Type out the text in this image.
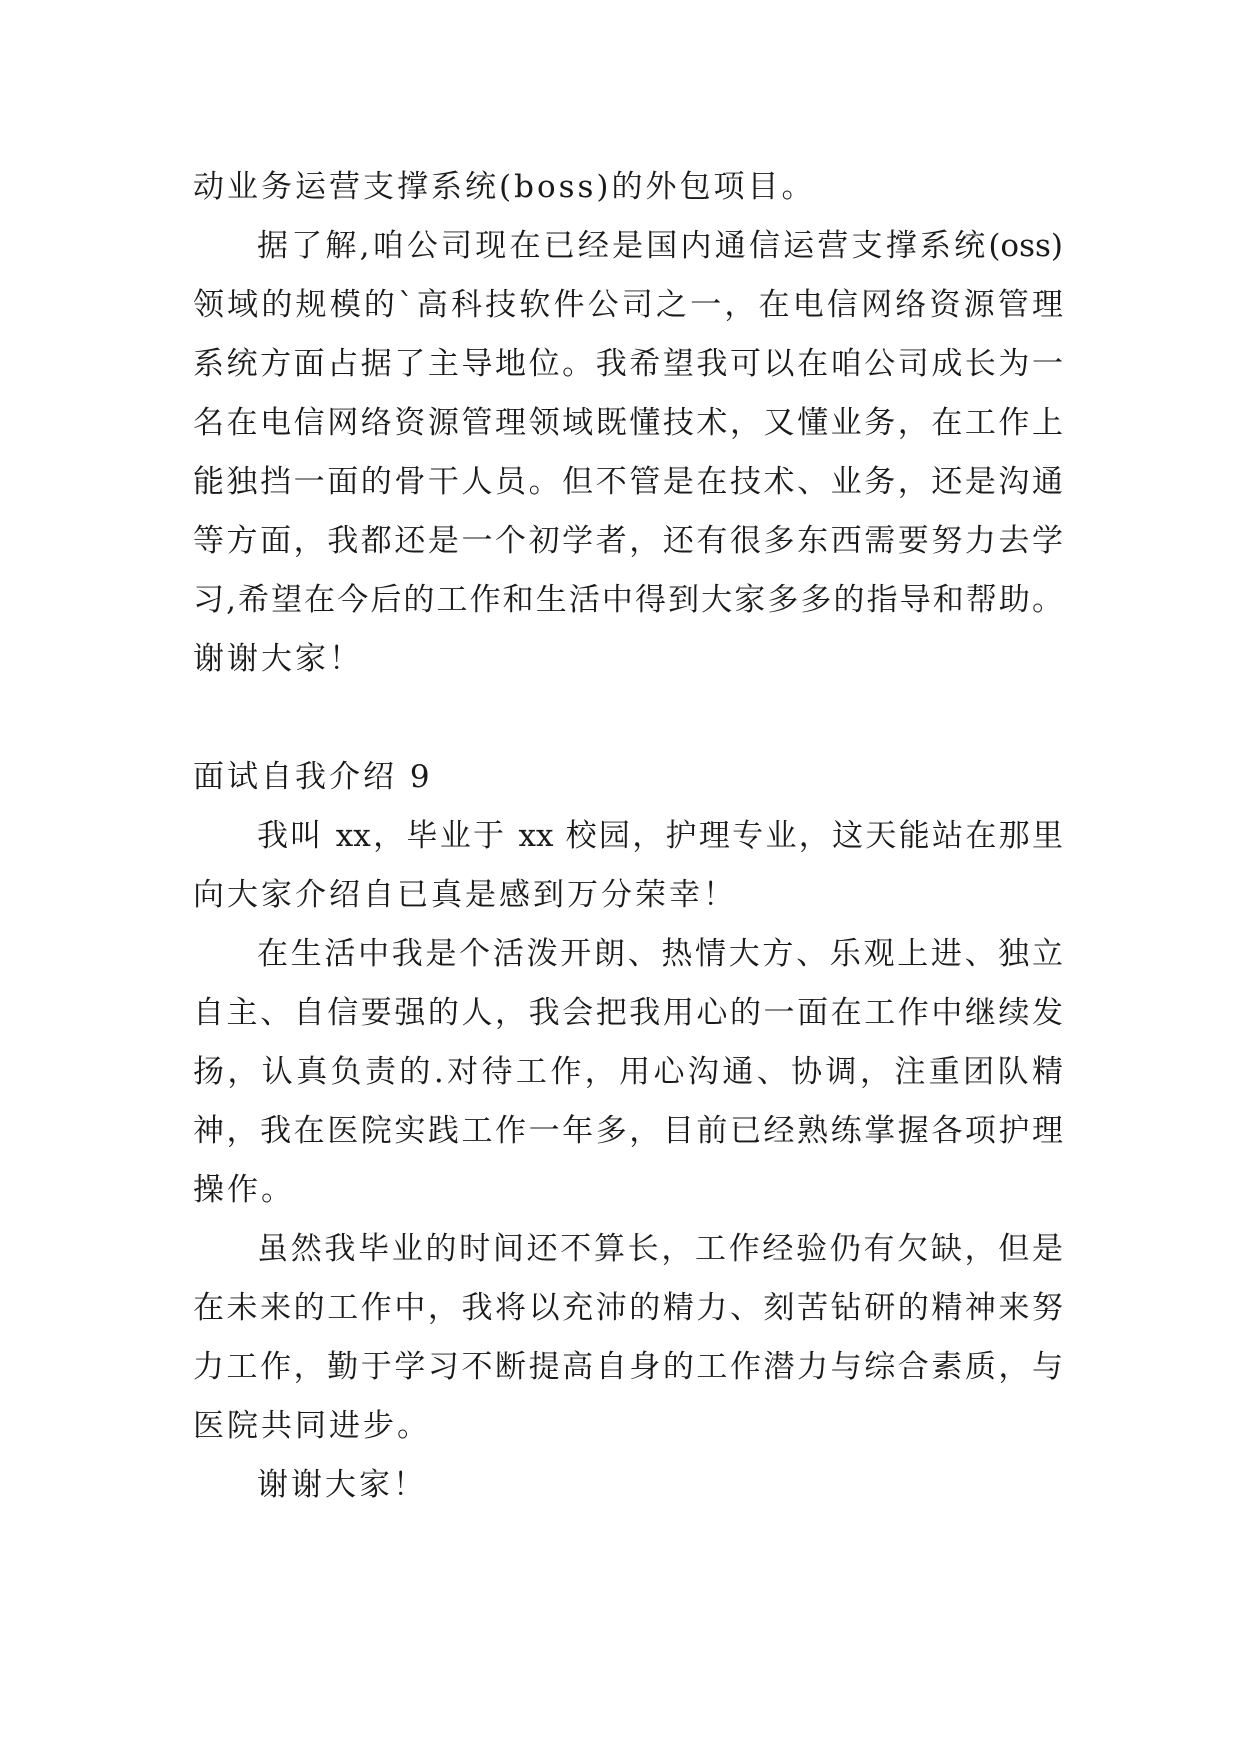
动业务运营支撑系统(boss)的外包项目。
据了解,咱公司现在已经是国内通信运营支撑系统(oss)
领域的规模的`高科技软件公司之一，在电信网络资源管理
系统方面占据了主导地位。我希望我可以在咱公司成长为一
名在电信网络资源管理领域既懂技术，又懂业务，在工作上
能独挡一面的骨干人员。但不管是在技术、业务，还是沟通
等方面，我都还是一个初学者，还有很多东西需要努力去学
习,希望在今后的工作和生活中得到大家多多的指导和帮助。
谢谢大家！
面试自我介绍 9
我叫 xx，毕业于 xx 校园，护理专业，这天能站在那里
向大家介绍自已真是感到万分荣幸！
在生活中我是个活泼开朗、热情大方、乐观上进、独立
自主、自信要强的人，我会把我用心的一面在工作中继续发
扬，认真负责的.对待工作，用心沟通、协调，注重团队精
神，我在医院实践工作一年多，目前已经熟练掌握各项护理
操作。
虽然我毕业的时间还不算长，工作经验仍有欠缺，但是
在未来的工作中，我将以充沛的精力、刻苦钻研的精神来努
力工作，勤于学习不断提高自身的工作潜力与综合素质，与
医院共同进步。
谢谢大家！
